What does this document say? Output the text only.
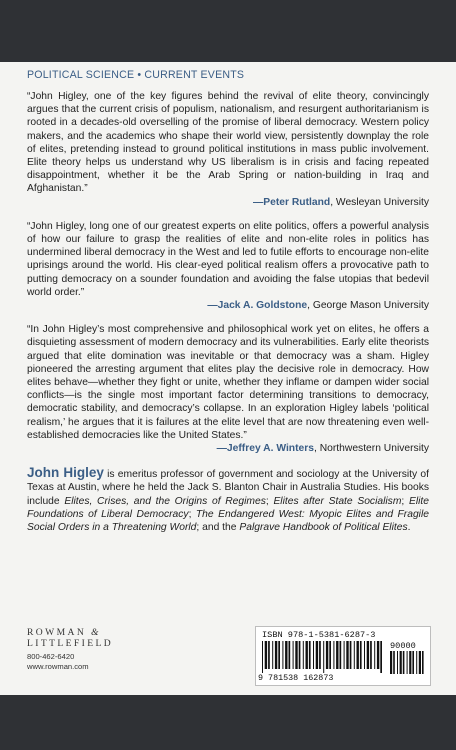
POLITICAL SCIENCE • CURRENT EVENTS

“John Higley, one of the key figures behind the revival of elite theory, convincingly argues that the current crisis of populism, nationalism, and resurgent authoritarianism is rooted in a decades-old overselling of the promise of liberal democracy. Western policy makers, and the academics who shape their world view, persistently downplay the role of elites, pretending instead to ground political institutions in mass public involvement. Elite theory helps us understand why US liberalism is in crisis and facing repeated disappointment, whether it be the Arab Spring or nation-building in Iraq and Afghanistan.”

—Peter Rutland, Wesleyan University

“John Higley, long one of our greatest experts on elite politics, offers a powerful analysis of how our failure to grasp the realities of elite and non-elite roles in politics has undermined liberal democracy in the West and led to futile efforts to encourage non-elite uprisings around the world. His clear-eyed political realism offers a provocative path to putting democracy on a sounder foundation and avoiding the false utopias that bedevil world order.”

—Jack A. Goldstone, George Mason University

“In John Higley’s most comprehensive and philosophical work yet on elites, he offers a disquieting assessment of modern democracy and its vulnerabilities. Early elite theorists argued that elite domination was inevitable or that democracy was a sham. Higley pioneered the arresting argument that elites play the decisive role in democracy. How elites behave—whether they fight or unite, whether they inflame or dampen wider social conflicts—is the single most important factor determining transitions to democracy, democratic stability, and democracy’s collapse. In an exploration Higley labels ‘political realism,’ he argues that it is failures at the elite level that are now threatening even well-established democracies like the United States.”

—Jeffrey A. Winters, Northwestern University

John Higley is emeritus professor of government and sociology at the University of Texas at Austin, where he held the Jack S. Blanton Chair in Australia Studies. His books include Elites, Crises, and the Origins of Regimes; Elites after State Socialism; Elite Foundations of Liberal Democracy; The Endangered West: Myopic Elites and Fragile Social Orders in a Threatening World; and the Palgrave Handbook of Political Elites.

ROWMAN &
LITTLEFIELD
800-462-6420
www.rowman.com
ISBN 978-1-5381-6287-3
9 781538 162873
90000
